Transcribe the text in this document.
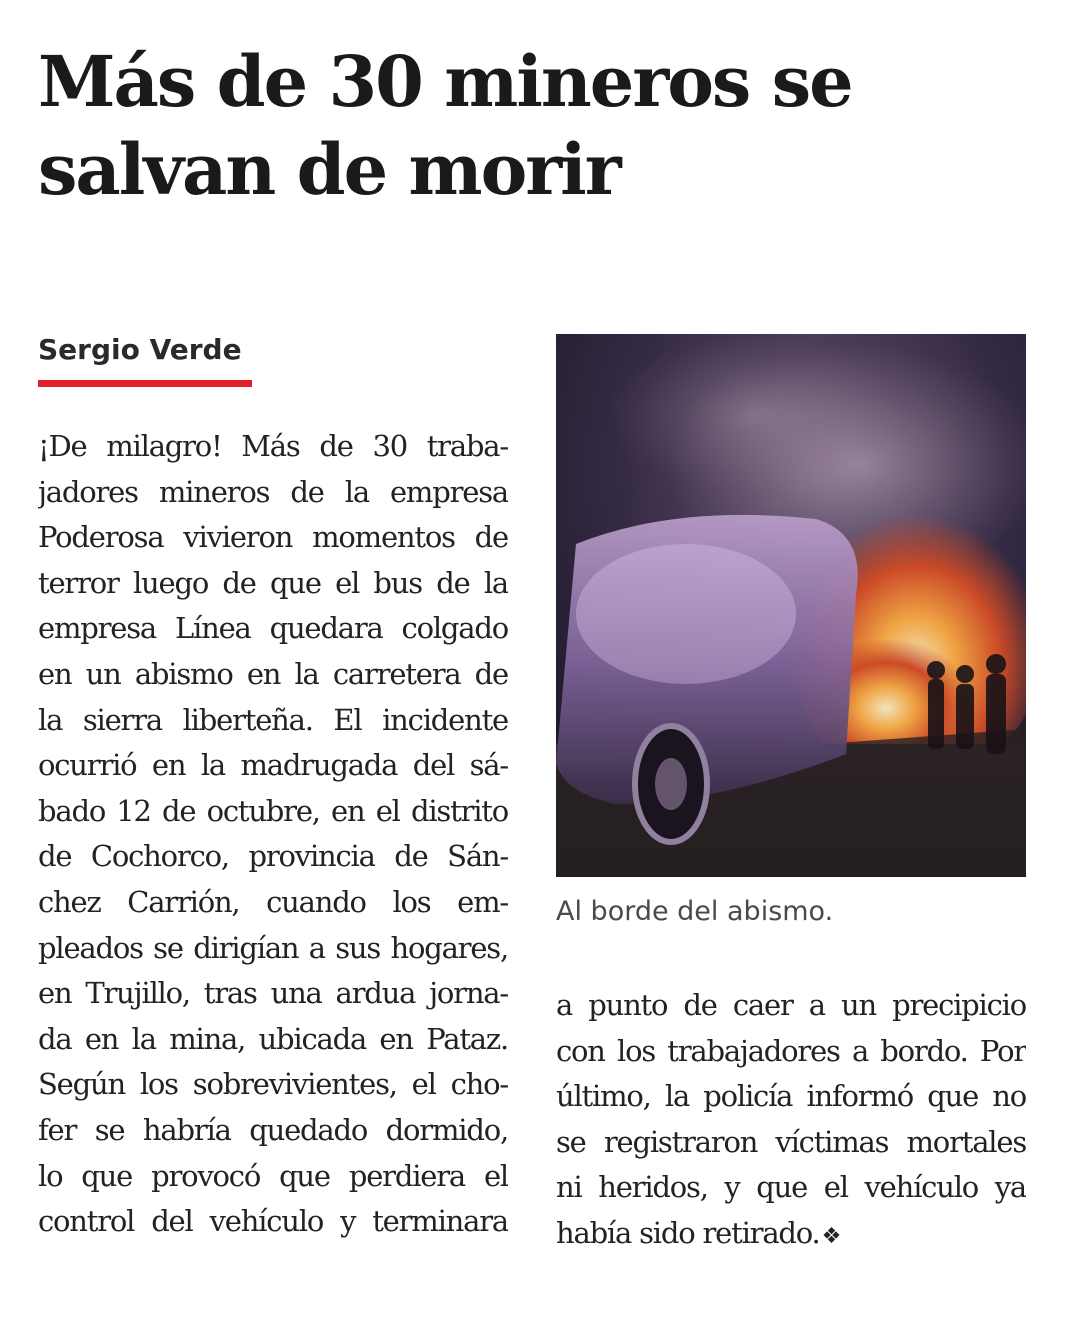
Más de 30 mineros se
salvan de morir
Sergio Verde
¡De milagro! Más de 30 traba-
jadores mineros de la empresa
Poderosa vivieron momentos de
terror luego de que el bus de la
empresa Línea quedara colgado
en un abismo en la carretera de
la sierra liberteña. El incidente
ocurrió en la madrugada del sá-
bado 12 de octubre, en el distrito
de Cochorco, provincia de Sán-
chez Carrión, cuando los em-
pleados se dirigían a sus hogares,
en Trujillo, tras una ardua jorna-
da en la mina, ubicada en Pataz.
Según los sobrevivientes, el cho-
fer se habría quedado dormido,
lo que provocó que perdiera el
control del vehículo y terminara
Al borde del abismo.
a punto de caer a un precipicio
con los trabajadores a bordo. Por
último, la policía informó que no
se registraron víctimas mortales
ni heridos, y que el vehículo ya
había sido retirado.❖
